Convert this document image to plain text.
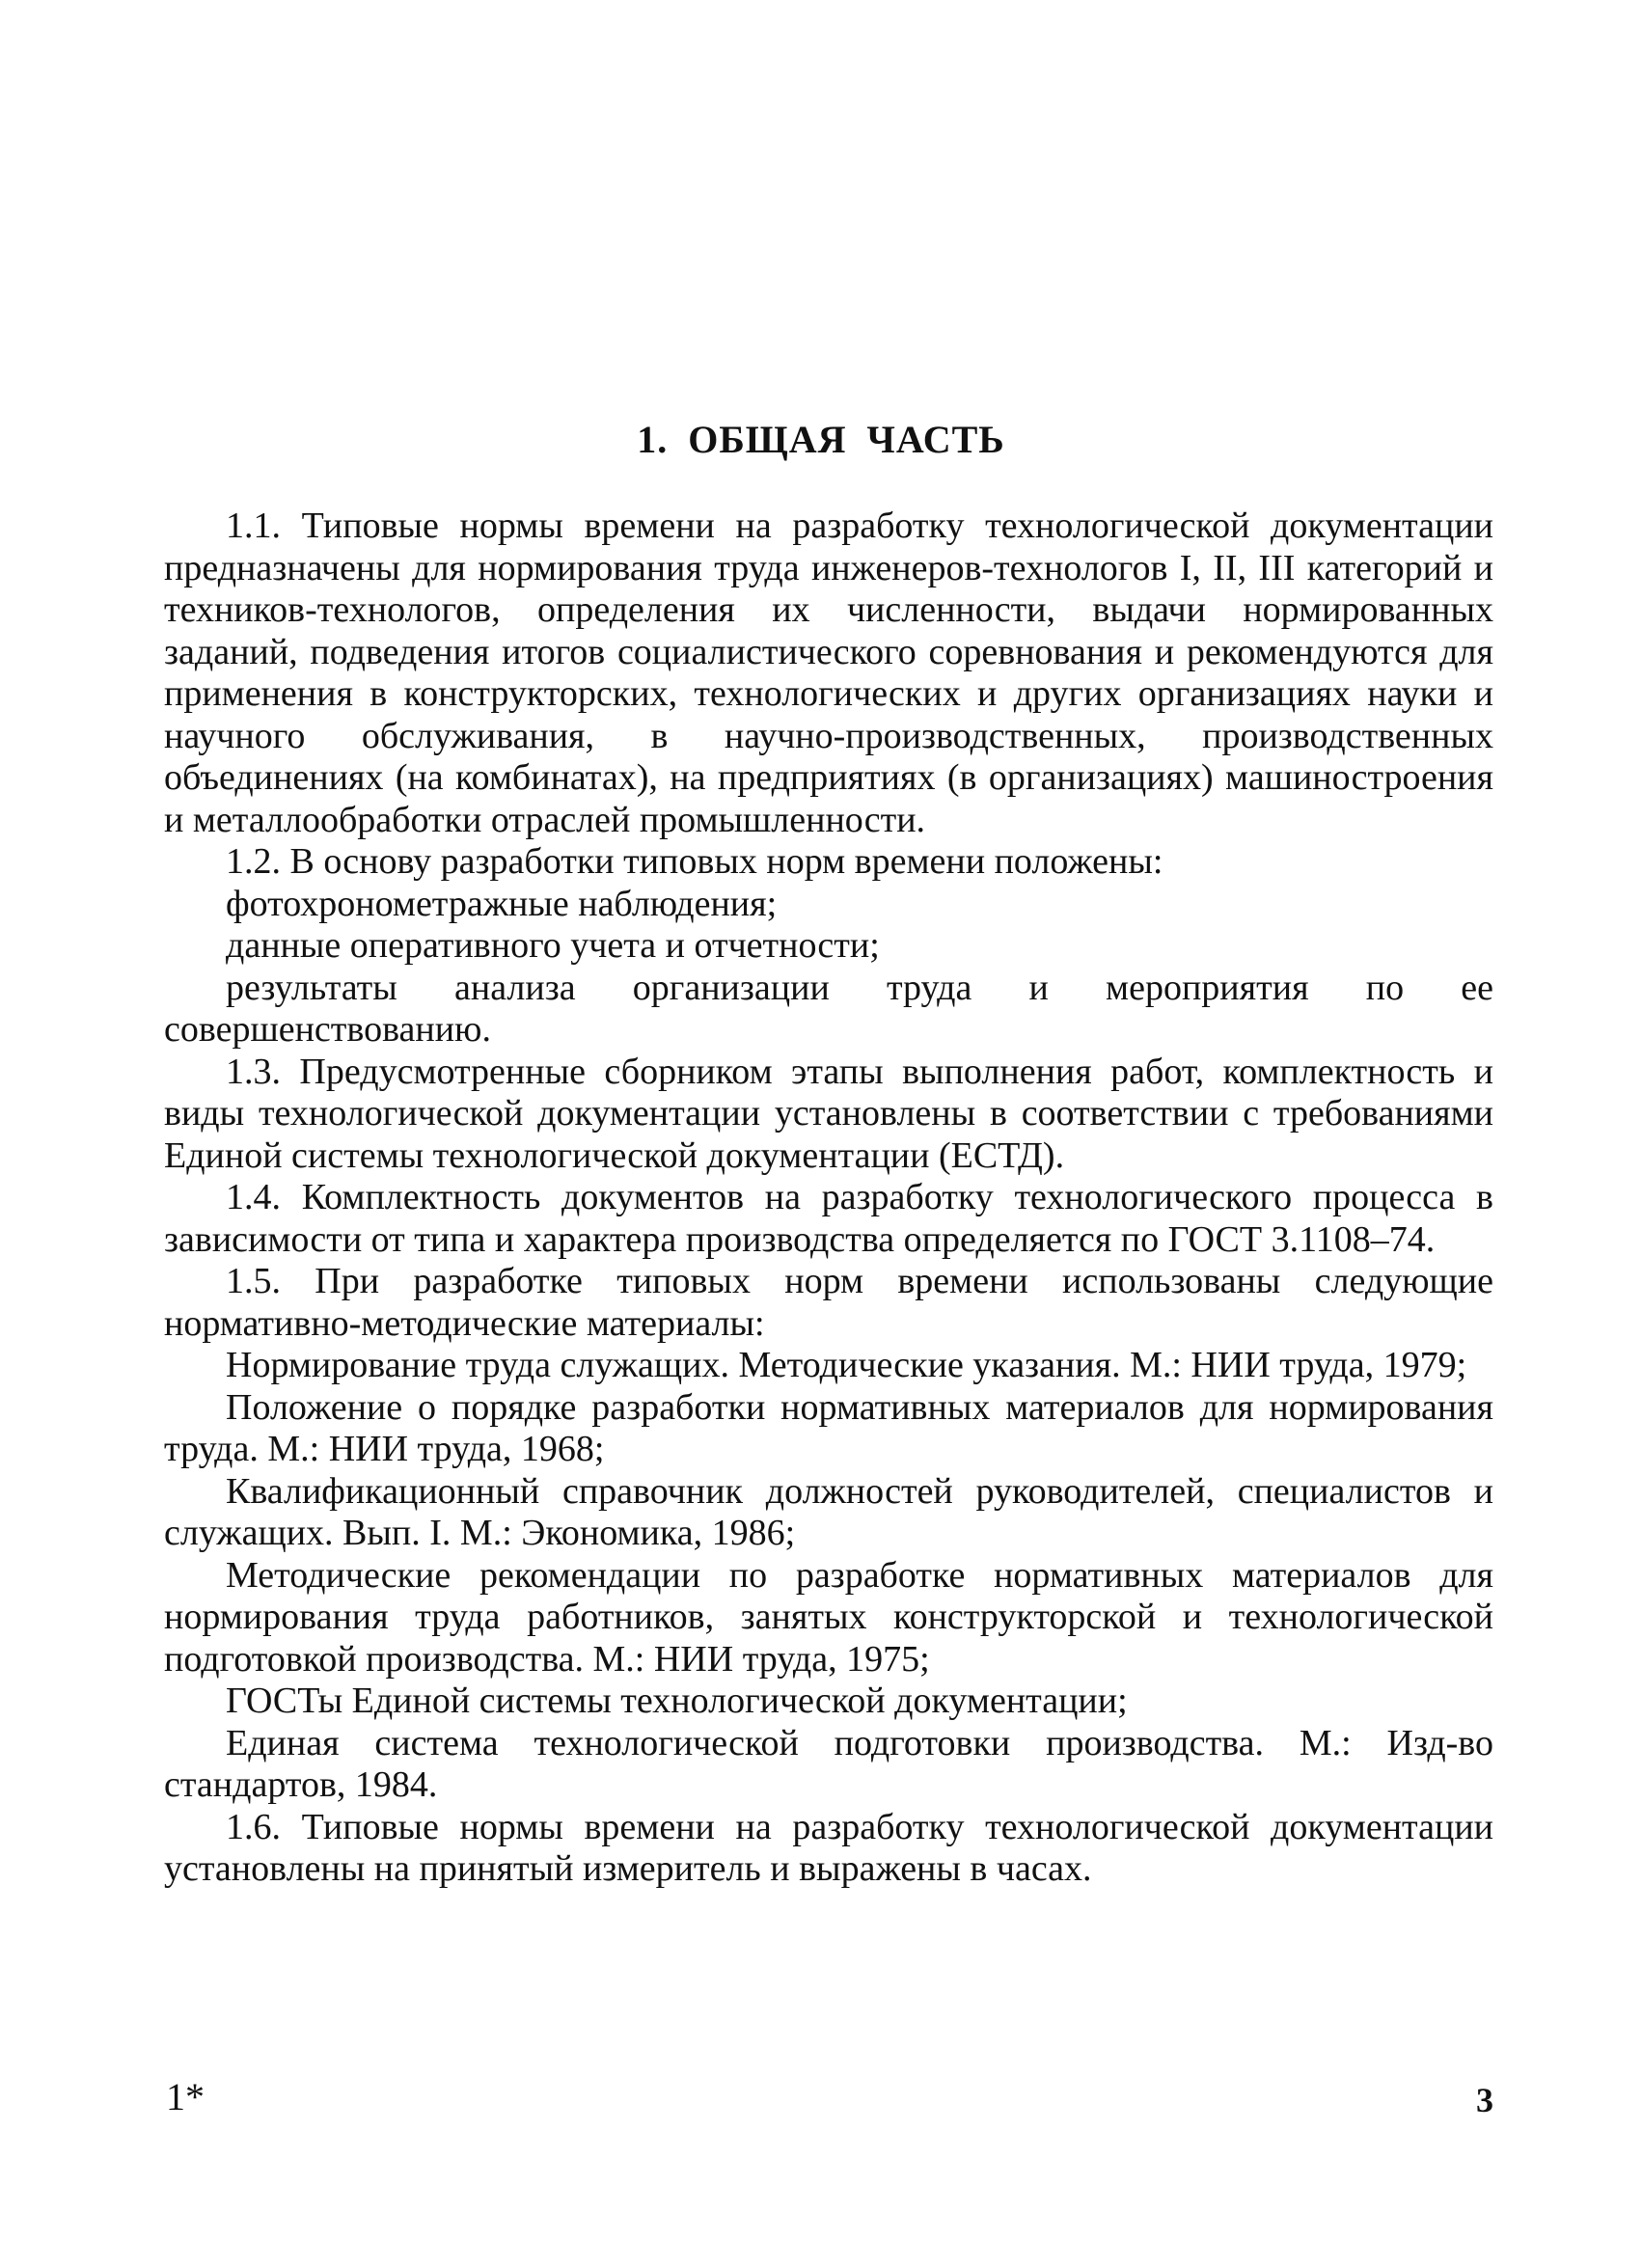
1. ОБЩАЯ ЧАСТЬ

1.1. Типовые нормы времени на разработку технологической документации предназначены для нормирования труда инженеров-технологов I, II, III категорий и техников-технологов, определения их численности, выдачи нормированных заданий, подведения итогов социалистического соревнования и рекомендуются для применения в конструкторских, технологических и других организациях науки и научного обслуживания, в научно-производственных, производственных объединениях (на комбинатах), на предприятиях (в организациях) машиностроения и металлообработки отраслей промышленности.

1.2. В основу разработки типовых норм времени положены:

фотохронометражные наблюдения;

данные оперативного учета и отчетности;

результаты анализа организации труда и мероприятия по ее совершенствованию.

1.3. Предусмотренные сборником этапы выполнения работ, комплектность и виды технологической документации установлены в соответствии с требованиями Единой системы технологической документации (ЕСТД).

1.4. Комплектность документов на разработку технологического процесса в зависимости от типа и характера производства определяется по ГОСТ 3.1108–74.

1.5. При разработке типовых норм времени использованы следующие нормативно-методические материалы:

Нормирование труда служащих. Методические указания. М.: НИИ труда, 1979;

Положение о порядке разработки нормативных материалов для нормирования труда. М.: НИИ труда, 1968;

Квалификационный справочник должностей руководителей, специалистов и служащих. Вып. I. М.: Экономика, 1986;

Методические рекомендации по разработке нормативных материалов для нормирования труда работников, занятых конструкторской и технологической подготовкой производства. М.: НИИ труда, 1975;

ГОСТы Единой системы технологической документации;

Единая система технологической подготовки производства. М.: Изд-во стандартов, 1984.

1.6. Типовые нормы времени на разработку технологической документации установлены на принятый измеритель и выражены в часах.

1*	3
